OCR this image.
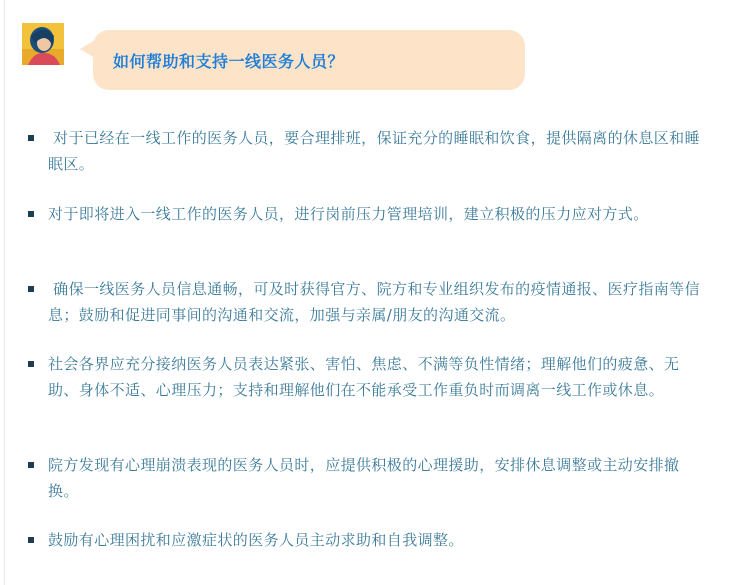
如何帮助和支持一线医务人员？
对于已经在一线工作的医务人员，要合理排班，保证充分的睡眠和饮食，提供隔离的休息区和睡眠区。
对于即将进入一线工作的医务人员，进行岗前压力管理培训，建立积极的压力应对方式。
确保一线医务人员信息通畅，可及时获得官方、院方和专业组织发布的疫情通报、医疗指南等信息；鼓励和促进同事间的沟通和交流，加强与亲属/朋友的沟通交流。
社会各界应充分接纳医务人员表达紧张、害怕、焦虑、不满等负性情绪；理解他们的疲惫、无助、身体不适、心理压力；支持和理解他们在不能承受工作重负时而调离一线工作或休息。
院方发现有心理崩溃表现的医务人员时，应提供积极的心理援助，安排休息调整或主动安排撤换。
鼓励有心理困扰和应激症状的医务人员主动求助和自我调整。
